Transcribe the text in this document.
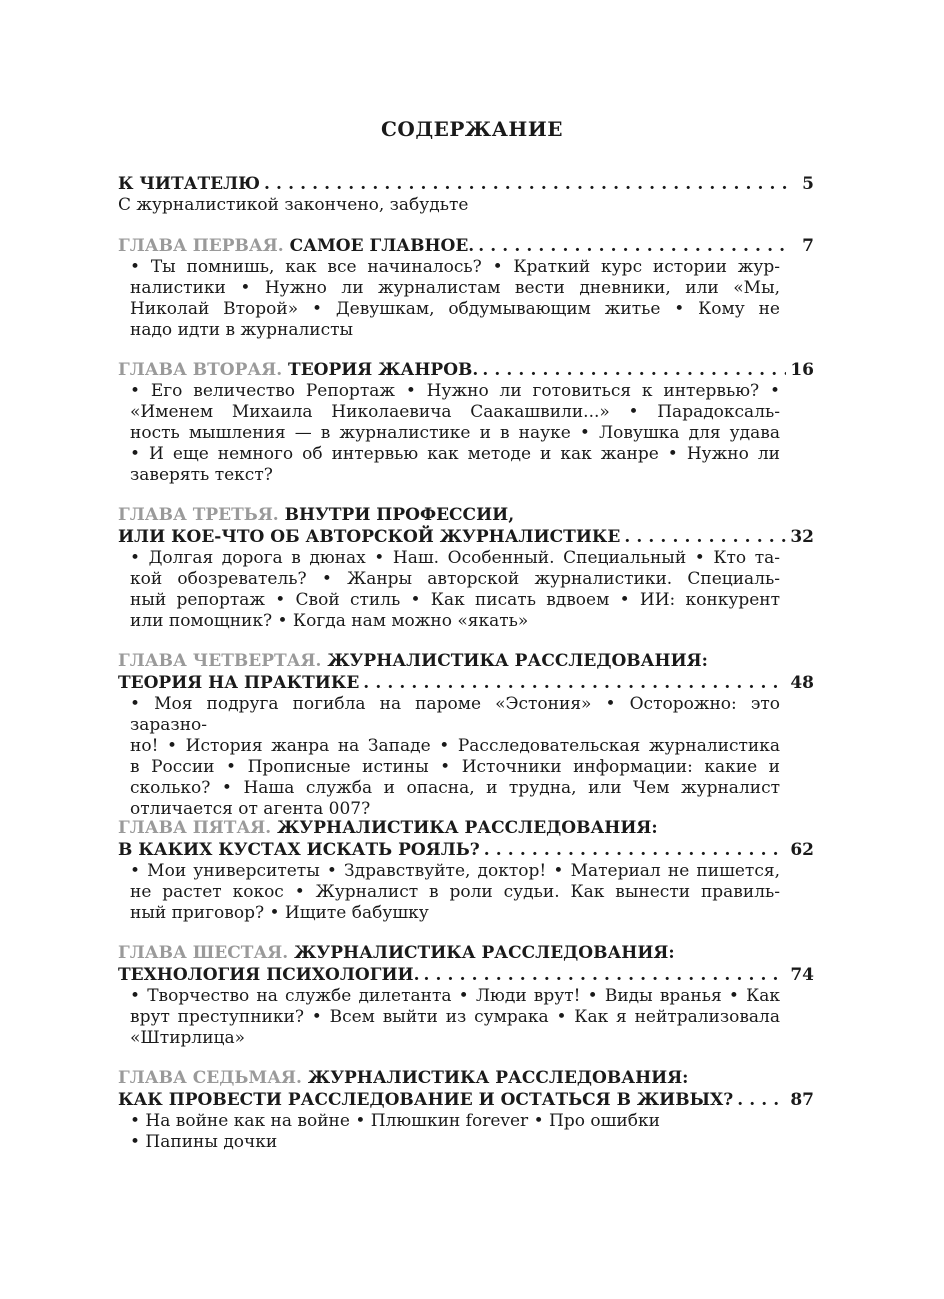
СОДЕРЖАНИЕ
К ЧИТАТЕЛЮ . . .	5
С журналистикой закончено, забудьте
ГЛАВА ПЕРВАЯ. САМОЕ ГЛАВНОЕ. . . .	7
• Ты помнишь, как все начиналось? • Краткий курс истории жур-
налистики • Нужно ли журналистам вести дневники, или «Мы,
Николай Второй» • Девушкам, обдумывающим житье • Кому не
надо идти в журналисты
ГЛАВА ВТОРАЯ. ТЕОРИЯ ЖАНРОВ. . . .	16
• Его величество Репортаж • Нужно ли готовиться к интервью? •
«Именем Михаила Николаевича Саакашвили...» • Парадоксаль-
ность мышления — в журналистике и в науке • Ловушка для удава
• И еще немного об интервью как методе и как жанре • Нужно ли
заверять текст?
ГЛАВА ТРЕТЬЯ. ВНУТРИ ПРОФЕССИИ,
ИЛИ КОЕ-ЧТО ОБ АВТОРСКОЙ ЖУРНАЛИСТИКЕ . . .	32
• Долгая дорога в дюнах • Наш. Особенный. Специальный • Кто та-
кой обозреватель? • Жанры авторской журналистики. Специаль-
ный репортаж • Свой стиль • Как писать вдвоем • ИИ: конкурент
или помощник? • Когда нам можно «якать»
ГЛАВА ЧЕТВЕРТАЯ. ЖУРНАЛИСТИКА РАССЛЕДОВАНИЯ:
ТЕОРИЯ НА ПРАКТИКЕ . . .	48
• Моя подруга погибла на пароме «Эстония» • Осторожно: это заразно-
но! • История жанра на Западе • Расследовательская журналистика
в России • Прописные истины • Источники информации: какие и
сколько? • Наша служба и опасна, и трудна, или Чем журналист
отличается от агента 007?
ГЛАВА ПЯТАЯ. ЖУРНАЛИСТИКА РАССЛЕДОВАНИЯ:
В КАКИХ КУСТАХ ИСКАТЬ РОЯЛЬ? . . .	62
• Мои университеты • Здравствуйте, доктор! • Материал не пишется,
не растет кокос • Журналист в роли судьи. Как вынести правиль-
ный приговор? • Ищите бабушку
ГЛАВА ШЕСТАЯ. ЖУРНАЛИСТИКА РАССЛЕДОВАНИЯ:
ТЕХНОЛОГИЯ ПСИХОЛОГИИ. . . .	74
• Творчество на службе дилетанта • Люди врут! • Виды вранья • Как
врут преступники? • Всем выйти из сумрака • Как я нейтрализовала
«Штирлица»
ГЛАВА СЕДЬМАЯ. ЖУРНАЛИСТИКА РАССЛЕДОВАНИЯ:
КАК ПРОВЕСТИ РАССЛЕДОВАНИЕ И ОСТАТЬСЯ В ЖИВЫХ? . . .	87
• На войне как на войне • Плюшкин forever • Про ошибки
• Папины дочки
